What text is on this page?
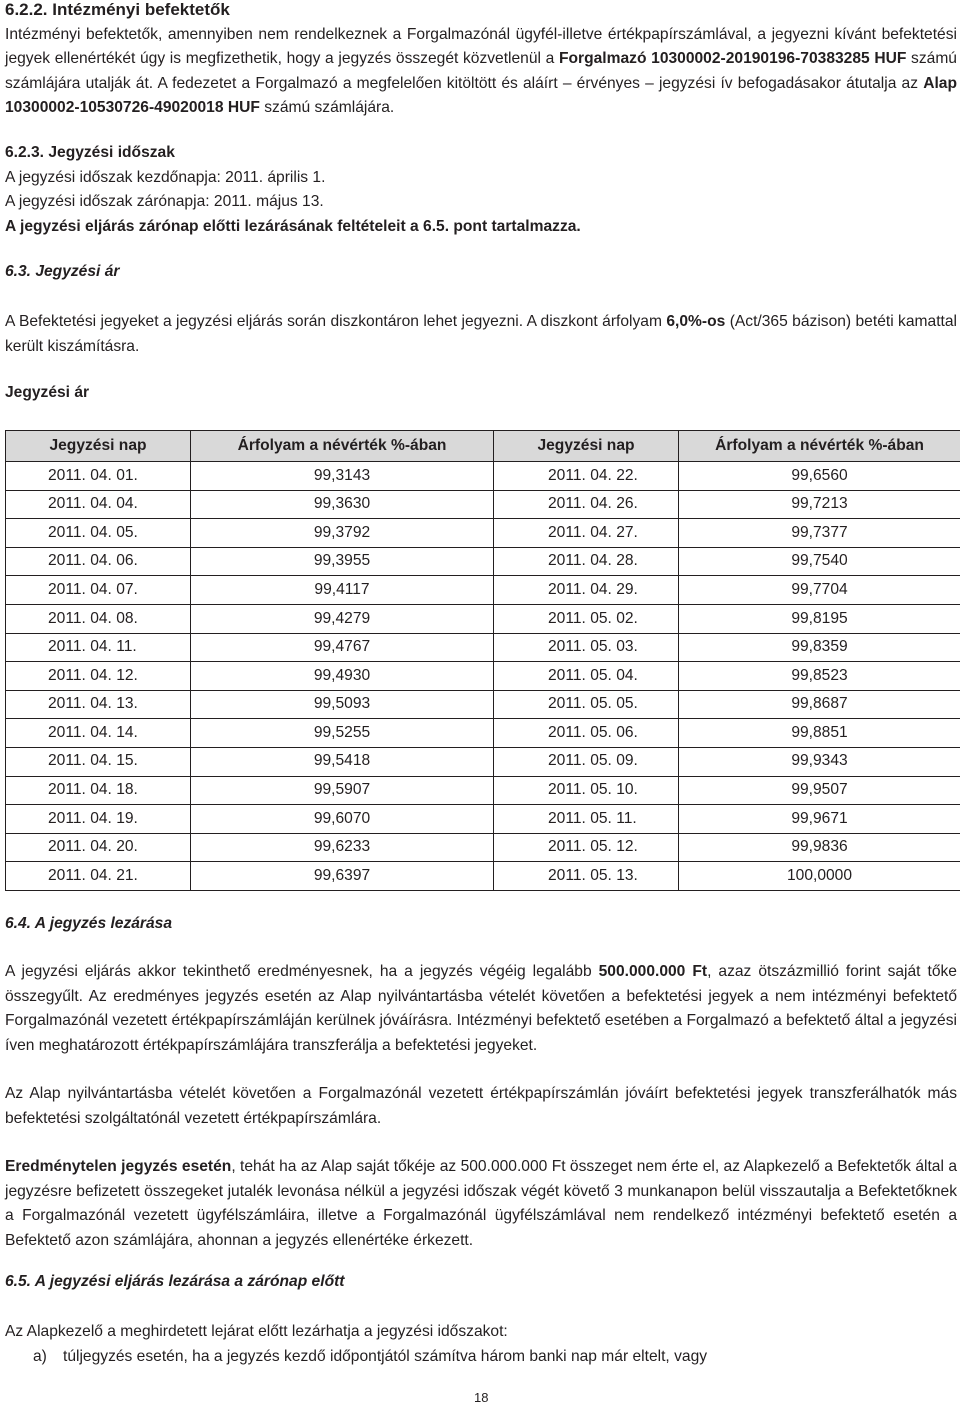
6.2.2. Intézményi befektetők

Intézményi befektetők, amennyiben nem rendelkeznek a Forgalmazónál ügyfél-illetve értékpapírszámlával, a jegyezni kívánt befektetési jegyek ellenértékét úgy is megfizethetik, hogy a jegyzés összegét közvetlenül a Forgalmazó 10300002-20190196-70383285 HUF számú számlájára utalják át. A fedezetet a Forgalmazó a megfelelően kitöltött és aláírt – érvényes – jegyzési ív befogadásakor átutalja az Alap 10300002-10530726-49020018 HUF számú számlájára.

6.2.3. Jegyzési időszak
A jegyzési időszak kezdőnapja: 2011. április 1.
A jegyzési időszak zárónapja: 2011. május 13.
A jegyzési eljárás zárónap előtti lezárásának feltételeit a 6.5. pont tartalmazza.
6.3. Jegyzési ár

A Befektetési jegyeket a jegyzési eljárás során diszkontáron lehet jegyezni. A diszkont árfolyam 6,0%-os (Act/365 bázison) betéti kamattal került kiszámításra.

Jegyzési ár
Jegyzési nap	Árfolyam a névérték %-ában	Jegyzési nap	Árfolyam a névérték %-ában
2011. 04. 01.	99,3143	2011. 04. 22.	99,6560
2011. 04. 04.	99,3630	2011. 04. 26.	99,7213
2011. 04. 05.	99,3792	2011. 04. 27.	99,7377
2011. 04. 06.	99,3955	2011. 04. 28.	99,7540
2011. 04. 07.	99,4117	2011. 04. 29.	99,7704
2011. 04. 08.	99,4279	2011. 05. 02.	99,8195
2011. 04. 11.	99,4767	2011. 05. 03.	99,8359
2011. 04. 12.	99,4930	2011. 05. 04.	99,8523
2011. 04. 13.	99,5093	2011. 05. 05.	99,8687
2011. 04. 14.	99,5255	2011. 05. 06.	99,8851
2011. 04. 15.	99,5418	2011. 05. 09.	99,9343
2011. 04. 18.	99,5907	2011. 05. 10.	99,9507
2011. 04. 19.	99,6070	2011. 05. 11.	99,9671
2011. 04. 20.	99,6233	2011. 05. 12.	99,9836
2011. 04. 21.	99,6397	2011. 05. 13.	100,0000
6.4. A jegyzés lezárása

A jegyzési eljárás akkor tekinthető eredményesnek, ha a jegyzés végéig legalább 500.000.000 Ft, azaz ötszázmillió forint saját tőke összegyűlt. Az eredményes jegyzés esetén az Alap nyilvántartásba vételét követően a befektetési jegyek a nem intézményi befektető Forgalmazónál vezetett értékpapírszámláján kerülnek jóváírásra. Intézményi befektető esetében a Forgalmazó a befektető által a jegyzési íven meghatározott értékpapírszámlájára transzferálja a befektetési jegyeket.

Az Alap nyilvántartásba vételét követően a Forgalmazónál vezetett értékpapírszámlán jóváírt befektetési jegyek transzferálhatók más befektetési szolgáltatónál vezetett értékpapírszámlára.

Eredménytelen jegyzés esetén, tehát ha az Alap saját tőkéje az 500.000.000 Ft összeget nem érte el, az Alapkezelő a Befektetők által a jegyzésre befizetett összegeket jutalék levonása nélkül a jegyzési időszak végét követő 3 munkanapon belül visszautalja a Befektetőknek a Forgalmazónál vezetett ügyfélszámláira, illetve a Forgalmazónál ügyfélszámlával nem rendelkező intézményi befektető esetén a Befektető azon számlájára, ahonnan a jegyzés ellenértéke érkezett.

6.5. A jegyzési eljárás lezárása a zárónap előtt
Az Alapkezelő a meghirdetett lejárat előtt lezárhatja a jegyzési időszakot:
a)	túljegyzés esetén, ha a jegyzés kezdő időpontjától számítva három banki nap már eltelt, vagy
18
